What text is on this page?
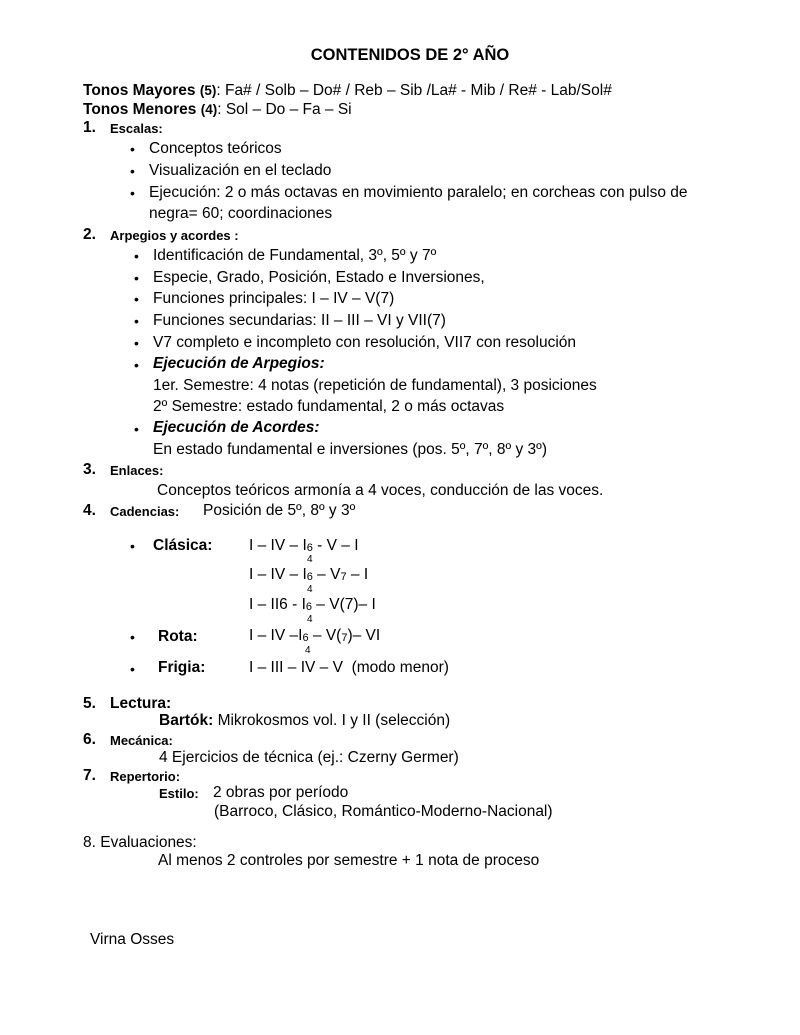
CONTENIDOS DE 2° AÑO
Tonos Mayores (5): Fa# / Solb – Do# / Reb – Sib /La# - Mib / Re# - Lab/Sol#
Tonos Menores (4): Sol – Do – Fa – Si
1. Escalas:
• Conceptos teóricos
• Visualización en el teclado
• Ejecución: 2 o más octavas en movimiento paralelo; en corcheas con pulso de
negra= 60; coordinaciones
2. Arpegios y acordes :
• Identificación de Fundamental, 3º, 5º y 7º
• Especie, Grado, Posición, Estado e Inversiones,
• Funciones principales: I – IV – V(7)
• Funciones secundarias: II – III – VI y VII(7)
• V7 completo e incompleto con resolución, VII7 con resolución
• Ejecución de Arpegios:
1er. Semestre: 4 notas (repetición de fundamental), 3 posiciones
2º Semestre: estado fundamental, 2 o más octavas
• Ejecución de Acordes:
En estado fundamental e inversiones (pos. 5º, 7º, 8º y 3º)
3. Enlaces:
Conceptos teóricos armonía a 4 voces, conducción de las voces.
4. Cadencias: Posición de 5º, 8º y 3º
• Clásica: I – IV – I6 - V – I
4
I – IV – I6 – V7 – I
4
I – II6 - I6 – V(7)– I
4
• Rota:	I – IV –I6 – V(7)– VI
4
• Frigia:	I – III – IV – V (modo menor)
5. Lectura:
Bartók: Mikrokosmos vol. I y II (selección)
6. Mecánica:
4 Ejercicios de técnica (ej.: Czerny Germer)
7. Repertorio:
Estilo: 2 obras por período
(Barroco, Clásico, Romántico-Moderno-Nacional)
8. Evaluaciones:
Al menos 2 controles por semestre + 1 nota de proceso
Virna Osses
